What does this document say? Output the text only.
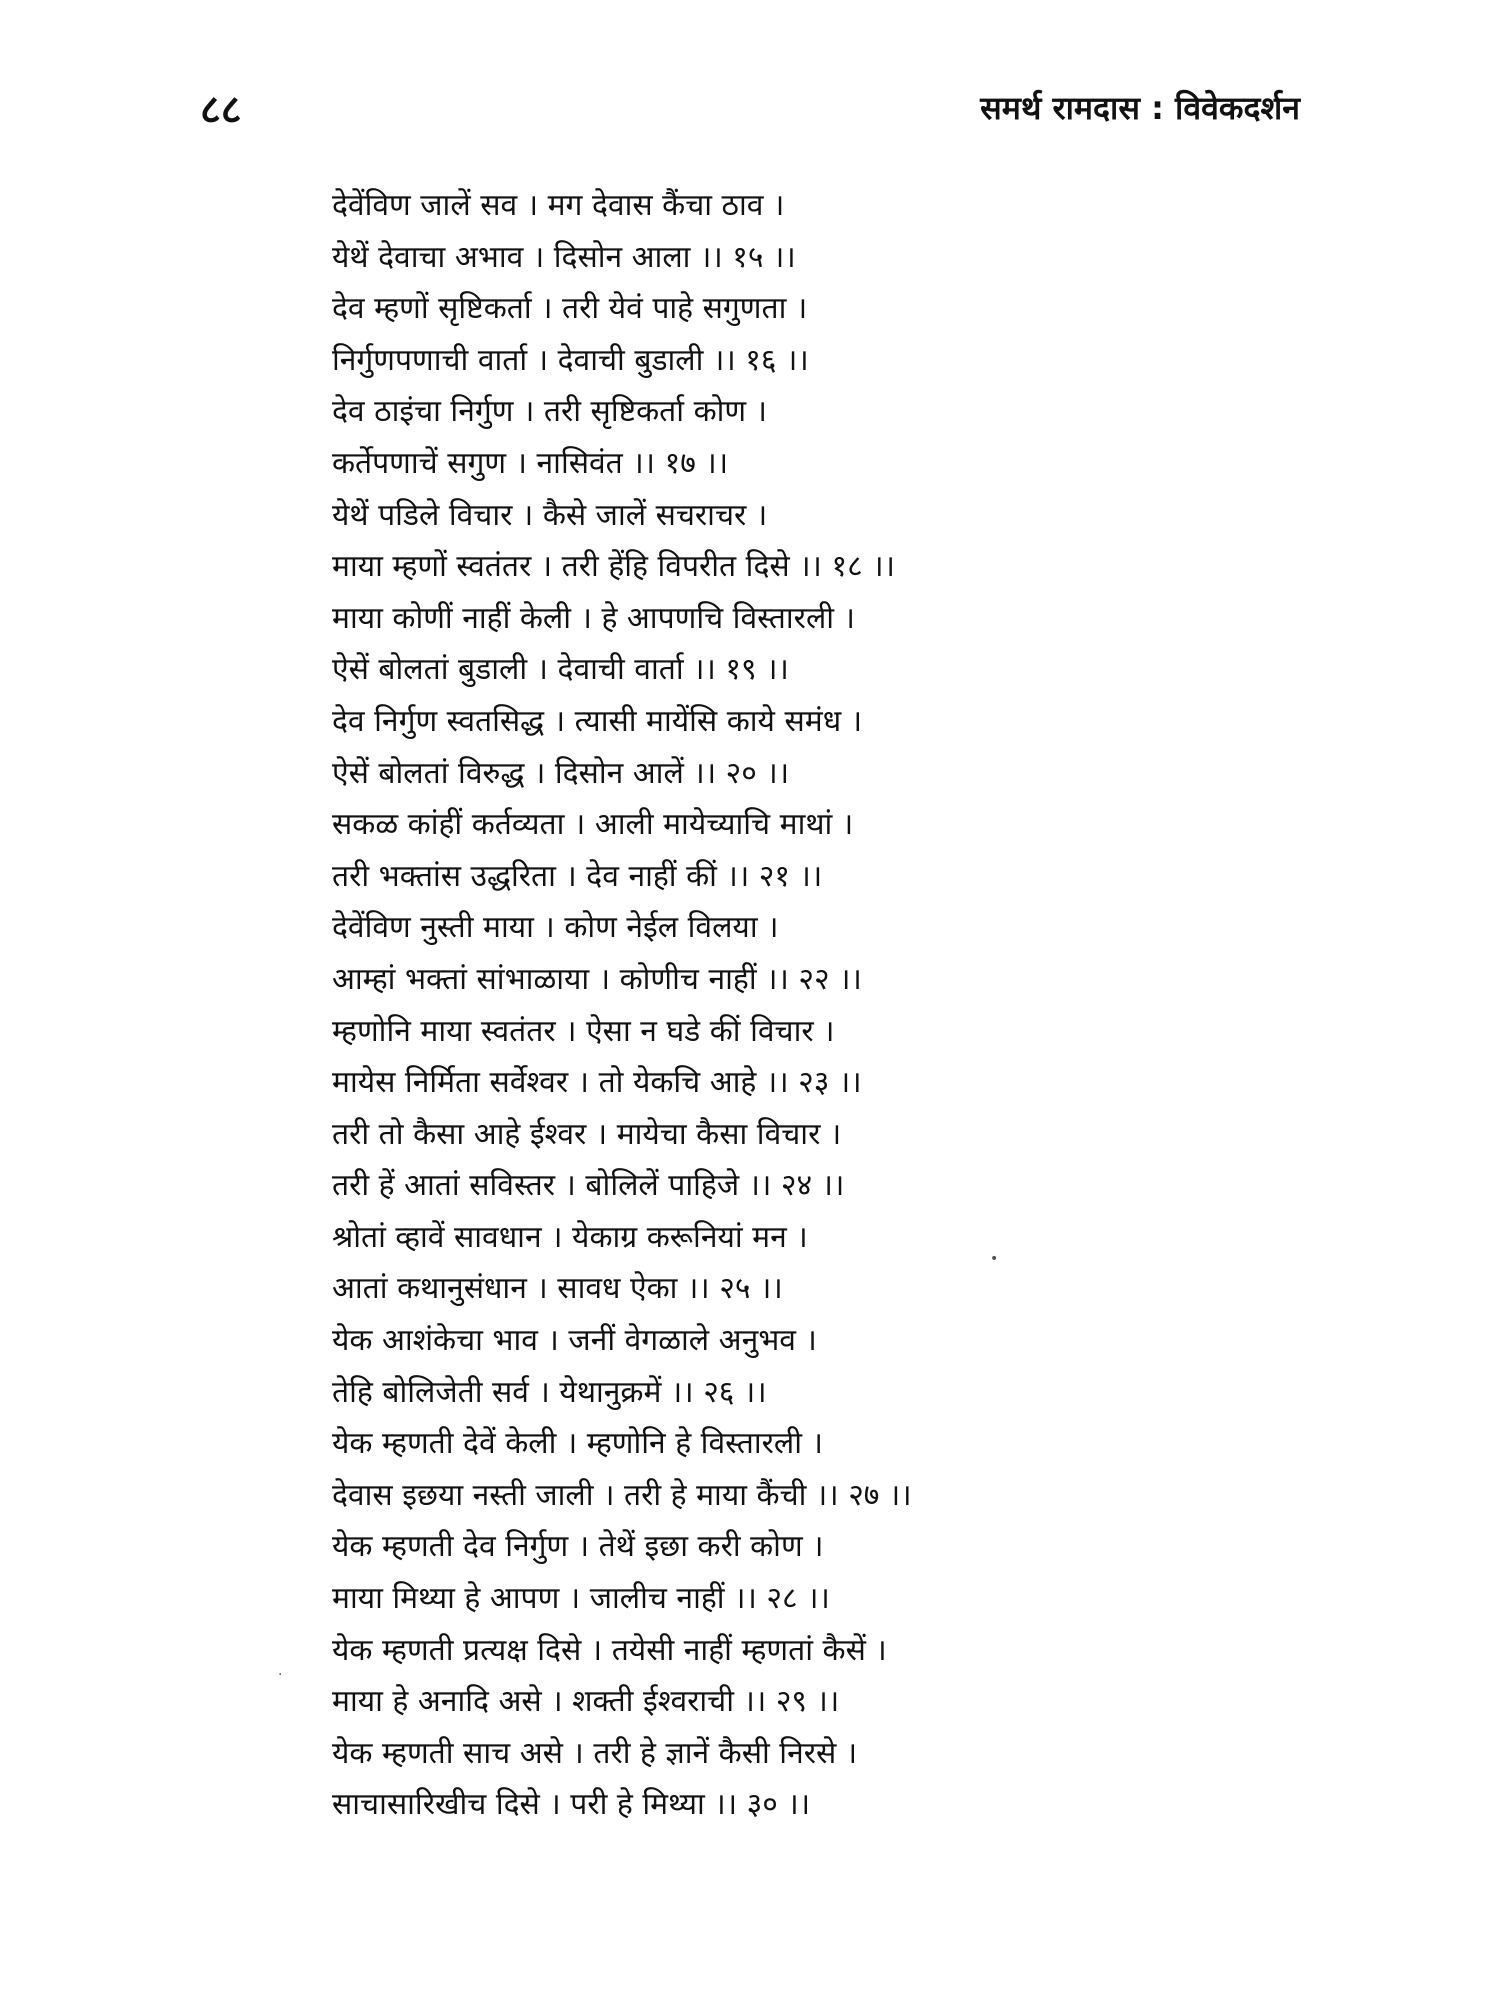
८८	समर्थ रामदास : विवेकदर्शन
देवेंविण जालें सव । मग देवास कैंचा ठाव ।
येथें देवाचा अभाव । दिसोन आला ।। १५ ।।
देव म्हणों सृष्टिकर्ता । तरी येवं पाहे सगुणता ।
निर्गुणपणाची वार्ता । देवाची बुडाली ।। १६ ।।
देव ठाइंचा निर्गुण । तरी सृष्टिकर्ता कोण ।
कर्तेपणाचें सगुण । नासिवंत ।। १७ ।।
येथें पडिले विचार । कैसे जालें सचराचर ।
माया म्हणों स्वतंतर । तरी हेंहि विपरीत दिसे ।। १८ ।।
माया कोणीं नाहीं केली । हे आपणचि विस्तारली ।
ऐसें बोलतां बुडाली । देवाची वार्ता ।। १९ ।।
देव निर्गुण स्वतसिद्ध । त्यासी मायेंसि काये समंध ।
ऐसें बोलतां विरुद्ध । दिसोन आलें ।। २० ।।
सकळ कांहीं कर्तव्यता । आली मायेच्याचि माथां ।
तरी भक्तांस उद्धरिता । देव नाहीं कीं ।। २१ ।।
देवेंविण नुस्ती माया । कोण नेईल विलया ।
आम्हां भक्तां सांभाळाया । कोणीच नाहीं ।। २२ ।।
म्हणोनि माया स्वतंतर । ऐसा न घडे कीं विचार ।
मायेस निर्मिता सर्वेश्वर । तो येकचि आहे ।। २३ ।।
तरी तो कैसा आहे ईश्वर । मायेचा कैसा विचार ।
तरी हें आतां सविस्तर । बोलिलें पाहिजे ।। २४ ।।
श्रोतां व्हावें सावधान । येकाग्र करूनियां मन ।
आतां कथानुसंधान । सावध ऐका ।। २५ ।।
येक आशंकेचा भाव । जनीं वेगळाले अनुभव ।
तेहि बोलिजेती सर्व । येथानुक्रमें ।। २६ ।।
येक म्हणती देवें केली । म्हणोनि हे विस्तारली ।
देवास इछया नस्ती जाली । तरी हे माया कैंची ।। २७ ।।
येक म्हणती देव निर्गुण । तेथें इछा करी कोण ।
माया मिथ्या हे आपण । जालीच नाहीं ।। २८ ।।
येक म्हणती प्रत्यक्ष दिसे । तयेसी नाहीं म्हणतां कैसें ।
माया हे अनादि असे । शक्ती ईश्वराची ।। २९ ।।
येक म्हणती साच असे । तरी हे ज्ञानें कैसी निरसे ।
साचासारिखीच दिसे । परी हे मिथ्या ।। ३० ।।
•
·
